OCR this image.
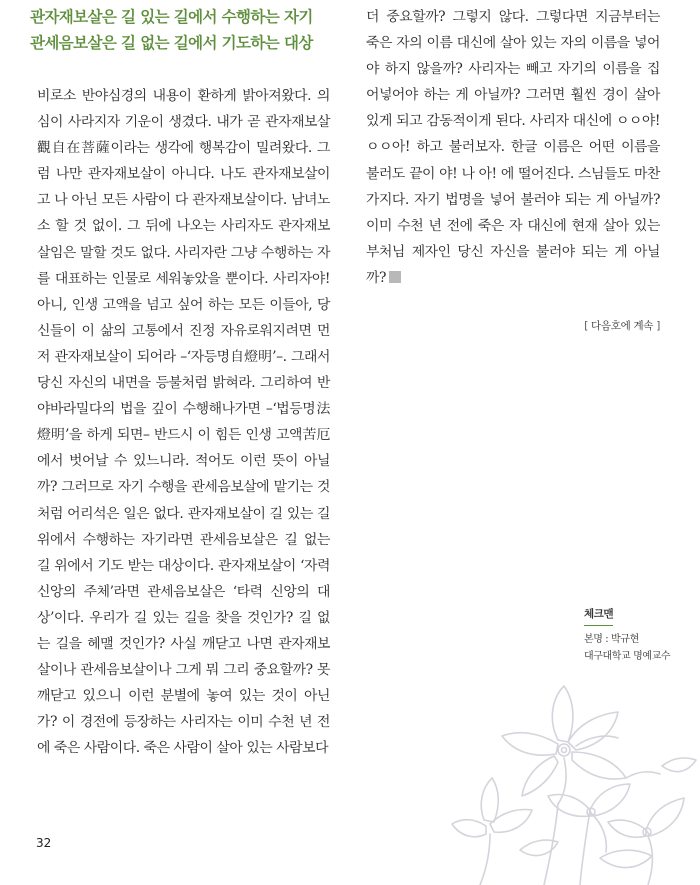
관자재보살은 길 있는 길에서 수행하는 자기
관세음보살은 길 없는 길에서 기도하는 대상

비로소 반야심경의 내용이 환하게 밝아져왔다. 의심이 사라지자 기운이 생겼다. 내가 곧 관자재보살觀自在菩薩이라는 생각에 행복감이 밀려왔다. 그럼 나만 관자재보살이 아니다. 나도 관자재보살이고 나 아닌 모든 사람이 다 관자재보살이다. 남녀노소 할 것 없이. 그 뒤에 나오는 사리자도 관자재보살임은 말할 것도 없다. 사리자란 그냥 수행하는 자를 대표하는 인물로 세워놓았을 뿐이다. 사리자야! 아니, 인생 고액을 넘고 싶어 하는 모든 이들아, 당신들이 이 삶의 고통에서 진정 자유로워지려면 먼저 관자재보살이 되어라 –‘자등명自燈明’–. 그래서 당신 자신의 내면을 등불처럼 밝혀라. 그리하여 반야바라밀다의 법을 깊이 수행해나가면 –‘법등명法燈明’을 하게 되면– 반드시 이 힘든 인생 고액苦厄에서 벗어날 수 있느니라. 적어도 이런 뜻이 아닐까? 그러므로 자기 수행을 관세음보살에 맡기는 것처럼 어리석은 일은 없다. 관자재보살이 길 있는 길 위에서 수행하는 자기라면 관세음보살은 길 없는 길 위에서 기도 받는 대상이다. 관자재보살이 ‘자력 신앙의 주체’라면 관세음보살은 ‘타력 신앙의 대상’이다. 우리가 길 있는 길을 찾을 것인가? 길 없는 길을 헤맬 것인가? 사실 깨닫고 나면 관자재보살이나 관세음보살이나 그게 뭐 그리 중요할까? 못 깨닫고 있으니 이런 분별에 놓여 있는 것이 아닌가? 이 경전에 등장하는 사리자는 이미 수천 년 전에 죽은 사람이다. 죽은 사람이 살아 있는 사람보다

더 중요할까? 그렇지 않다. 그렇다면 지금부터는 죽은 자의 이름 대신에 살아 있는 자의 이름을 넣어야 하지 않을까? 사리자는 빼고 자기의 이름을 집어넣어야 하는 게 아닐까? 그러면 훨씬 경이 살아 있게 되고 감동적이게 된다. 사리자 대신에 ㅇㅇ야! ㅇㅇ아! 하고 불러보자. 한글 이름은 어떤 이름을 불러도 끝이 야! 나 아! 에 떨어진다. 스님들도 마찬가지다. 자기 법명을 넣어 불러야 되는 게 아닐까? 이미 수천 년 전에 죽은 자 대신에 현재 살아 있는 부처님 제자인 당신 자신을 불러야 되는 게 아닐까?

[ 다음호에 계속 ]
체크맨
본명 : 박규현
대구대학교 명예교수
32
